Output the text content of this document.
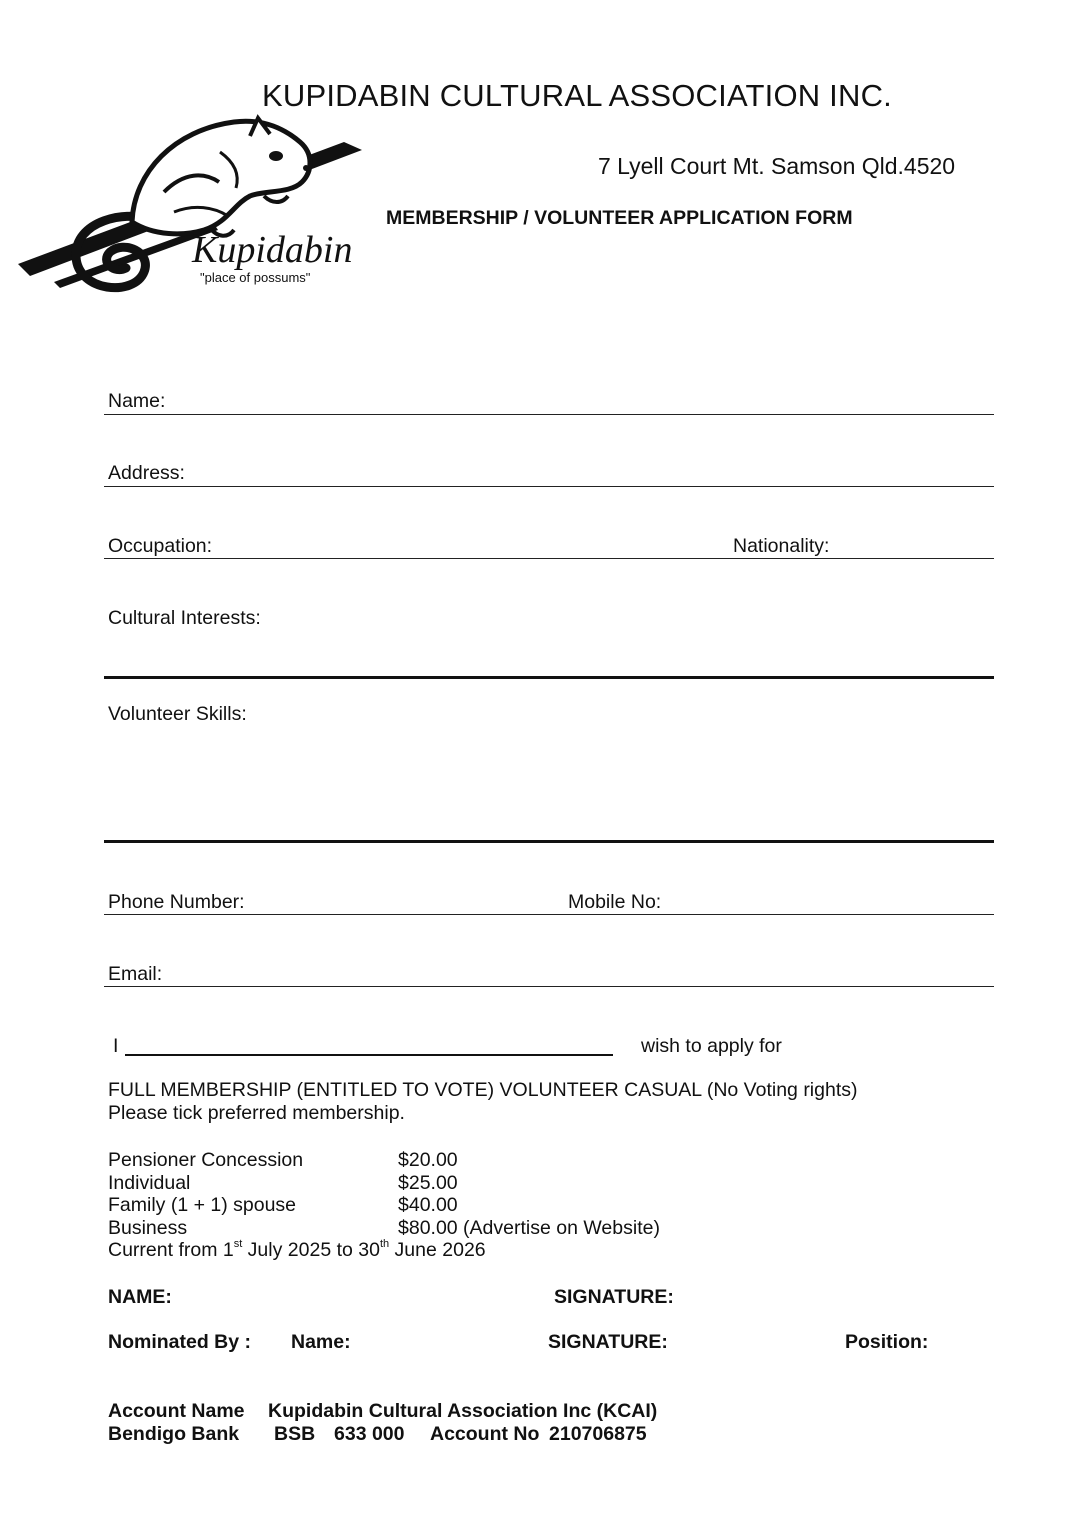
Kupidabin
"place of possums"
KUPIDABIN CULTURAL ASSOCIATION INC.
7 Lyell Court Mt. Samson Qld.4520
MEMBERSHIP / VOLUNTEER APPLICATION FORM
Name:
Address:
Occupation:	Nationality:
Cultural Interests:
Volunteer Skills:
Phone Number:	Mobile No:
Email:
I	wish to apply for
FULL MEMBERSHIP (ENTITLED TO VOTE) VOLUNTEER CASUAL (No Voting rights)
Please tick preferred membership.
Pensioner Concession	$20.00
Individual	$25.00
Family (1 + 1) spouse	$40.00
Business	$80.00 (Advertise on Website)
Current from 1st July 2025 to 30th June 2026
NAME:	SIGNATURE:
Nominated By : Name:	SIGNATURE:	Position:
Account Name Kupidabin Cultural Association Inc (KCAI)
Bendigo Bank BSB 633 000 Account No 210706875
